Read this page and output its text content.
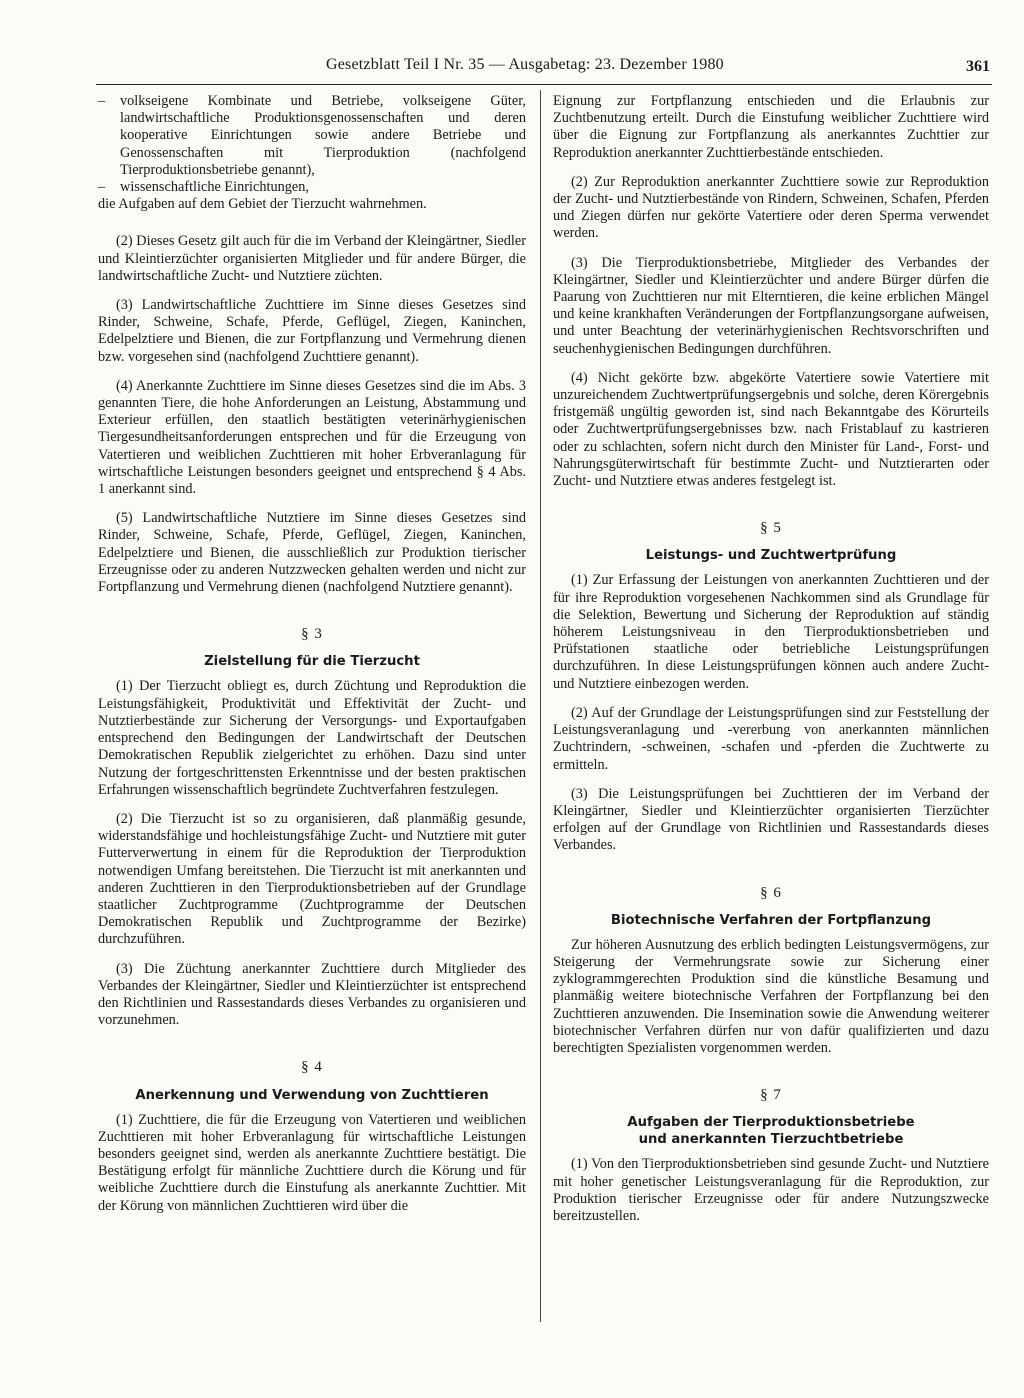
Gesetzblatt Teil I Nr. 35 — Ausgabetag: 23. Dezember 1980	361

– volkseigene Kombinate und Betriebe, volkseigene Güter, landwirtschaftliche Produktionsgenossenschaften und deren kooperative Einrichtungen sowie andere Betriebe und Genossenschaften mit Tierproduktion (nachfolgend Tierproduktionsbetriebe genannt),

– wissenschaftliche Einrichtungen,

die Aufgaben auf dem Gebiet der Tierzucht wahrnehmen.

(2) Dieses Gesetz gilt auch für die im Verband der Kleingärtner, Siedler und Kleintierzüchter organisierten Mitglieder und für andere Bürger, die landwirtschaftliche Zucht- und Nutztiere züchten.

(3) Landwirtschaftliche Zuchttiere im Sinne dieses Gesetzes sind Rinder, Schweine, Schafe, Pferde, Geflügel, Ziegen, Kaninchen, Edelpelztiere und Bienen, die zur Fortpflanzung und Vermehrung dienen bzw. vorgesehen sind (nachfolgend Zuchttiere genannt).

(4) Anerkannte Zuchttiere im Sinne dieses Gesetzes sind die im Abs. 3 genannten Tiere, die hohe Anforderungen an Leistung, Abstammung und Exterieur erfüllen, den staatlich bestätigten veterinärhygienischen Tiergesundheitsanforderungen entsprechen und für die Erzeugung von Vatertieren und weiblichen Zuchttieren mit hoher Erbveranlagung für wirtschaftliche Leistungen besonders geeignet und entsprechend § 4 Abs. 1 anerkannt sind.

(5) Landwirtschaftliche Nutztiere im Sinne dieses Gesetzes sind Rinder, Schweine, Schafe, Pferde, Geflügel, Ziegen, Kaninchen, Edelpelztiere und Bienen, die ausschließlich zur Produktion tierischer Erzeugnisse oder zu anderen Nutzzwecken gehalten werden und nicht zur Fortpflanzung und Vermehrung dienen (nachfolgend Nutztiere genannt).

§ 3
Zielstellung für die Tierzucht

(1) Der Tierzucht obliegt es, durch Züchtung und Reproduktion die Leistungsfähigkeit, Produktivität und Effektivität der Zucht- und Nutztierbestände zur Sicherung der Versorgungs- und Exportaufgaben entsprechend den Bedingungen der Landwirtschaft der Deutschen Demokratischen Republik zielgerichtet zu erhöhen. Dazu sind unter Nutzung der fortgeschrittensten Erkenntnisse und der besten praktischen Erfahrungen wissenschaftlich begründete Zuchtverfahren festzulegen.

(2) Die Tierzucht ist so zu organisieren, daß planmäßig gesunde, widerstandsfähige und hochleistungsfähige Zucht- und Nutztiere mit guter Futterverwertung in einem für die Reproduktion der Tierproduktion notwendigen Umfang bereitstehen. Die Tierzucht ist mit anerkannten und anderen Zuchttieren in den Tierproduktionsbetrieben auf der Grundlage staatlicher Zuchtprogramme (Zuchtprogramme der Deutschen Demokratischen Republik und Zuchtprogramme der Bezirke) durchzuführen.

(3) Die Züchtung anerkannter Zuchttiere durch Mitglieder des Verbandes der Kleingärtner, Siedler und Kleintierzüchter ist entsprechend den Richtlinien und Rassestandards dieses Verbandes zu organisieren und vorzunehmen.

§ 4
Anerkennung und Verwendung von Zuchttieren

(1) Zuchttiere, die für die Erzeugung von Vatertieren und weiblichen Zuchttieren mit hoher Erbveranlagung für wirtschaftliche Leistungen besonders geeignet sind, werden als anerkannte Zuchttiere bestätigt. Die Bestätigung erfolgt für männliche Zuchttiere durch die Körung und für weibliche Zuchttiere durch die Einstufung als anerkannte Zuchttier. Mit der Körung von männlichen Zuchttieren wird über die

Eignung zur Fortpflanzung entschieden und die Erlaubnis zur Zuchtbenutzung erteilt. Durch die Einstufung weiblicher Zuchttiere wird über die Eignung zur Fortpflanzung als anerkanntes Zuchttier zur Reproduktion anerkannter Zuchttierbestände entschieden.

(2) Zur Reproduktion anerkannter Zuchttiere sowie zur Reproduktion der Zucht- und Nutztierbestände von Rindern, Schweinen, Schafen, Pferden und Ziegen dürfen nur gekörte Vatertiere oder deren Sperma verwendet werden.

(3) Die Tierproduktionsbetriebe, Mitglieder des Verbandes der Kleingärtner, Siedler und Kleintierzüchter und andere Bürger dürfen die Paarung von Zuchttieren nur mit Elterntieren, die keine erblichen Mängel und keine krankhaften Veränderungen der Fortpflanzungsorgane aufweisen, und unter Beachtung der veterinärhygienischen Rechtsvorschriften und seuchenhygienischen Bedingungen durchführen.

(4) Nicht gekörte bzw. abgekörte Vatertiere sowie Vatertiere mit unzureichendem Zuchtwertprüfungsergebnis und solche, deren Körergebnis fristgemäß ungültig geworden ist, sind nach Bekanntgabe des Körurteils oder Zuchtwertprüfungsergebnisses bzw. nach Fristablauf zu kastrieren oder zu schlachten, sofern nicht durch den Minister für Land-, Forst- und Nahrungsgüterwirtschaft für bestimmte Zucht- und Nutztierarten oder Zucht- und Nutztiere etwas anderes festgelegt ist.

§ 5
Leistungs- und Zuchtwertprüfung

(1) Zur Erfassung der Leistungen von anerkannten Zuchttieren und der für ihre Reproduktion vorgesehenen Nachkommen sind als Grundlage für die Selektion, Bewertung und Sicherung der Reproduktion auf ständig höherem Leistungsniveau in den Tierproduktionsbetrieben und Prüfstationen staatliche oder betriebliche Leistungsprüfungen durchzuführen. In diese Leistungsprüfungen können auch andere Zucht- und Nutztiere einbezogen werden.

(2) Auf der Grundlage der Leistungsprüfungen sind zur Feststellung der Leistungsveranlagung und -vererbung von anerkannten männlichen Zuchtrindern, -schweinen, -schafen und -pferden die Zuchtwerte zu ermitteln.

(3) Die Leistungsprüfungen bei Zuchttieren der im Verband der Kleingärtner, Siedler und Kleintierzüchter organisierten Tierzüchter erfolgen auf der Grundlage von Richtlinien und Rassestandards dieses Verbandes.

§ 6
Biotechnische Verfahren der Fortpflanzung

Zur höheren Ausnutzung des erblich bedingten Leistungsvermögens, zur Steigerung der Vermehrungsrate sowie zur Sicherung einer zyklogrammgerechten Produktion sind die künstliche Besamung und planmäßig weitere biotechnische Verfahren der Fortpflanzung bei den Zuchttieren anzuwenden. Die Insemination sowie die Anwendung weiterer biotechnischer Verfahren dürfen nur von dafür qualifizierten und dazu berechtigten Spezialisten vorgenommen werden.

§ 7
Aufgaben der Tierproduktionsbetriebe
und anerkannten Tierzuchtbetriebe

(1) Von den Tierproduktionsbetrieben sind gesunde Zucht- und Nutztiere mit hoher genetischer Leistungsveranlagung für die Reproduktion, zur Produktion tierischer Erzeugnisse oder für andere Nutzungszwecke bereitzustellen.
